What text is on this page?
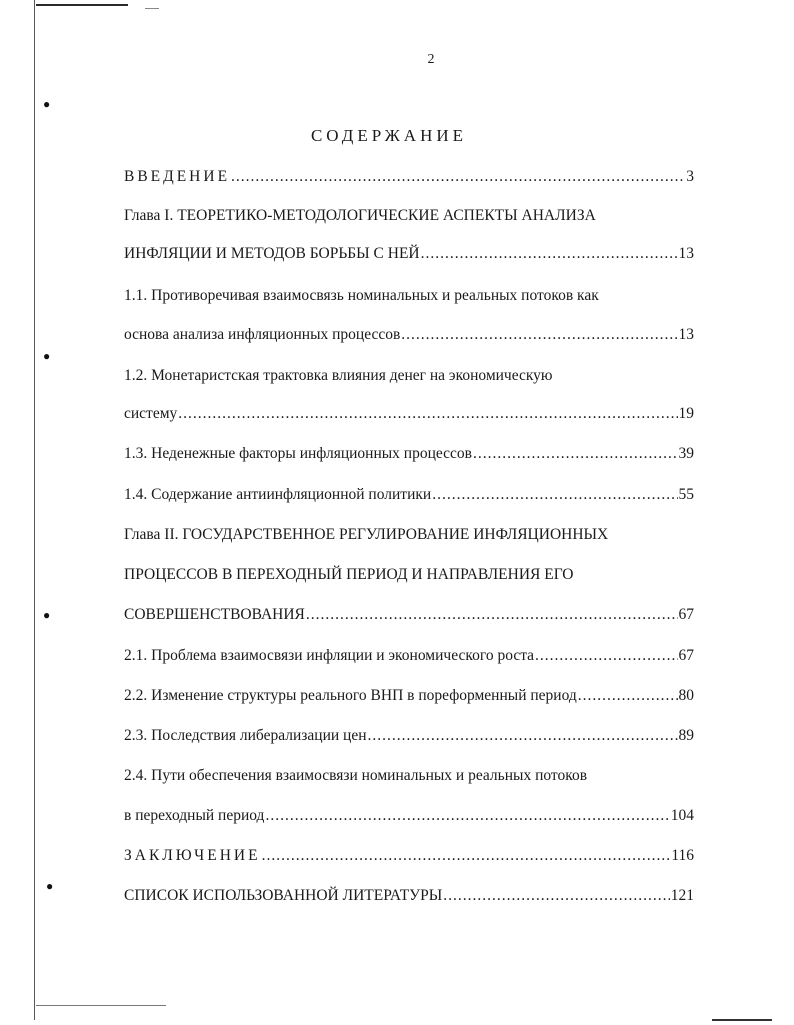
●
●
●
●
2
СОДЕРЖАНИЕ
ВВЕДЕНИЕ .....	3
Глава I. ТЕОРЕТИКО-МЕТОДОЛОГИЧЕСКИЕ АСПЕКТЫ АНАЛИЗА
ИНФЛЯЦИИ И МЕТОДОВ БОРЬБЫ С НЕЙ .....	13
1.1. Противоречивая взаимосвязь номинальных и реальных потоков как
основа анализа инфляционных процессов .....	13
1.2. Монетаристская трактовка влияния денег на экономическую
систему .....	19
1.3. Неденежные факторы инфляционных процессов .....	39
1.4. Содержание антиинфляционной политики .....	55
Глава II. ГОСУДАРСТВЕННОЕ РЕГУЛИРОВАНИЕ ИНФЛЯЦИОННЫХ
ПРОЦЕССОВ В ПЕРЕХОДНЫЙ ПЕРИОД И НАПРАВЛЕНИЯ ЕГО
СОВЕРШЕНСТВОВАНИЯ .....	67
2.1. Проблема взаимосвязи инфляции и экономического роста .....	67
2.2. Изменение структуры реального ВНП в пореформенный период .....	80
2.3. Последствия либерализации цен .....	89
2.4. Пути обеспечения взаимосвязи номинальных и реальных потоков
в переходный период .....	104
ЗАКЛЮЧЕНИЕ .....	116
СПИСОК ИСПОЛЬЗОВАННОЙ ЛИТЕРАТУРЫ .....	121
